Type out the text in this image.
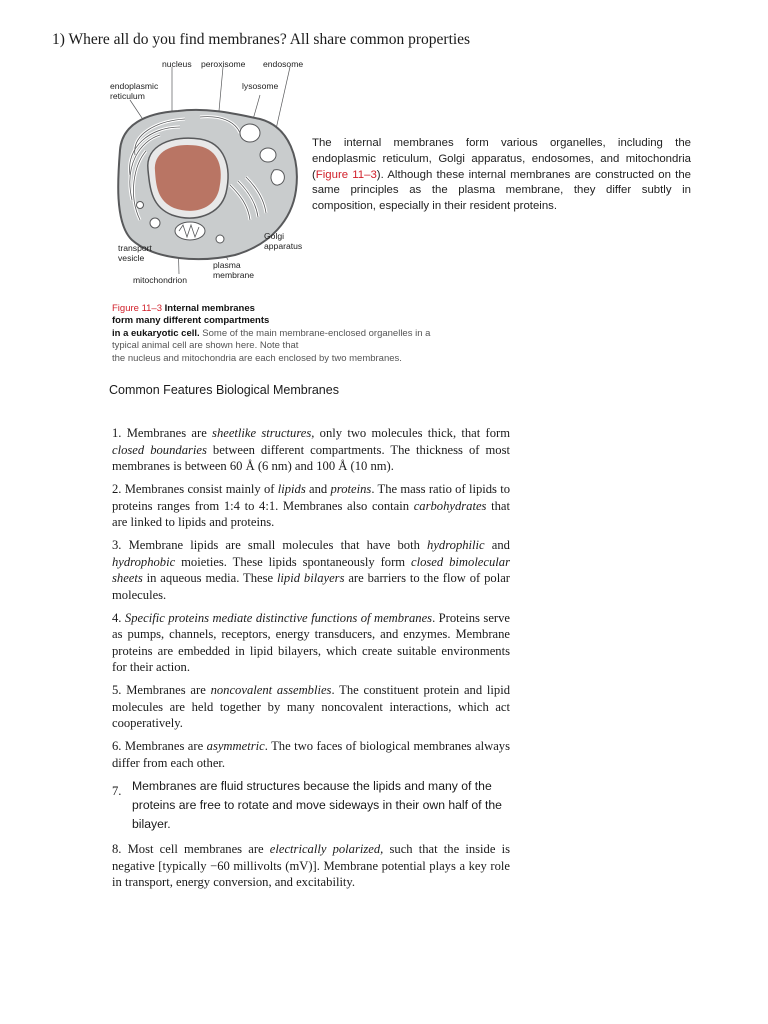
1) Where all do you find membranes? All share common properties
nucleus peroxisome endosome
endoplasmic
reticulum
lysosome
Golgi
apparatus
transport
vesicle
plasma
membrane
mitochondrion
The internal membranes form various organelles, including the endoplasmic reticulum, Golgi apparatus, endosomes, and mitochondria (Figure 11–3). Although these internal membranes are constructed on the same principles as the plasma membrane, they differ subtly in composition, especially in their resident proteins.
Figure 11–3 Internal membranes
form many different compartments
in a eukaryotic cell. Some of the main membrane-enclosed organelles in a
typical animal cell are shown here. Note that
the nucleus and mitochondria are each enclosed by two membranes.
Common Features Biological Membranes

1. Membranes are sheetlike structures, only two molecules thick, that form closed boundaries between different compartments. The thickness of most membranes is between 60 Å (6 nm) and 100 Å (10 nm).

2. Membranes consist mainly of lipids and proteins. The mass ratio of lipids to proteins ranges from 1:4 to 4:1. Membranes also contain carbohydrates that are linked to lipids and proteins.

3. Membrane lipids are small molecules that have both hydrophilic and hydrophobic moieties. These lipids spontaneously form closed bimolecular sheets in aqueous media. These lipid bilayers are barriers to the flow of polar molecules.

4. Specific proteins mediate distinctive functions of membranes. Proteins serve as pumps, channels, receptors, energy transducers, and enzymes. Membrane proteins are embedded in lipid bilayers, which create suitable environments for their action.

5. Membranes are noncovalent assemblies. The constituent protein and lipid molecules are held together by many noncovalent interactions, which act cooperatively.

6. Membranes are asymmetric. The two faces of biological membranes always differ from each other.

7. Membranes are fluid structures because the lipids and many of the proteins are free to rotate and move sideways in their own half of the bilayer.

8. Most cell membranes are electrically polarized, such that the inside is negative [typically −60 millivolts (mV)]. Membrane potential plays a key role in transport, energy conversion, and excitability.
